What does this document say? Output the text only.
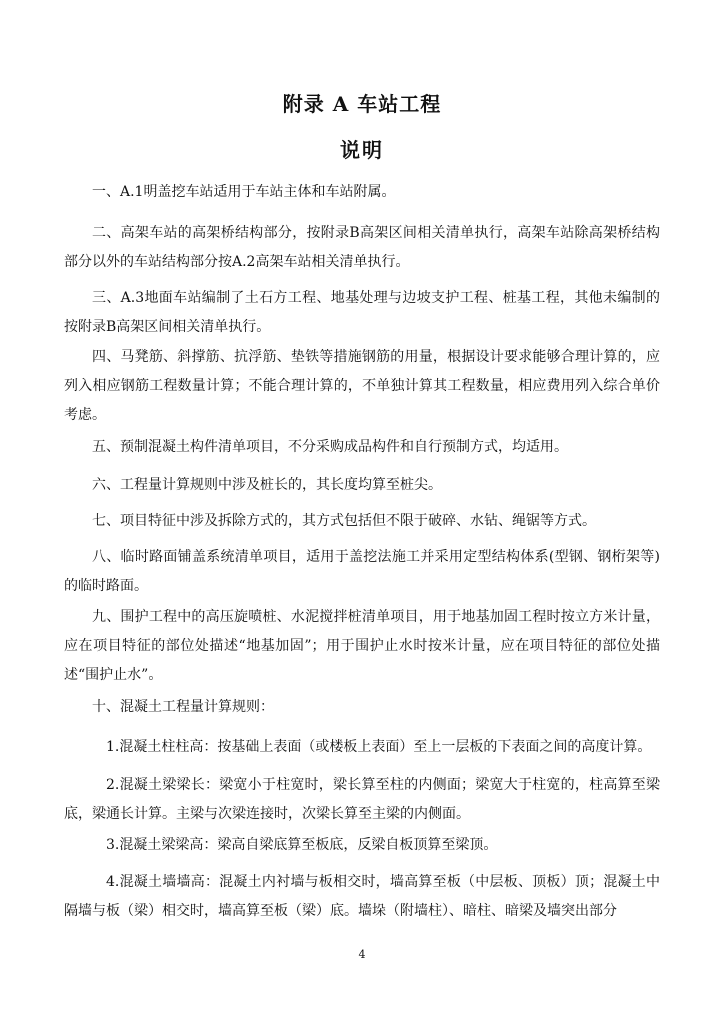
附录 A 车站工程
说明
一、A.1明盖挖车站适用于车站主体和车站附属。
二、高架车站的高架桥结构部分，按附录B高架区间相关清单执行，高架车站除高架桥结构部分以外的车站结构部分按A.2高架车站相关清单执行。
三、A.3地面车站编制了土石方工程、地基处理与边坡支护工程、桩基工程，其他未编制的按附录B高架区间相关清单执行。
四、马凳筋、斜撑筋、抗浮筋、垫铁等措施钢筋的用量，根据设计要求能够合理计算的，应列入相应钢筋工程数量计算；不能合理计算的，不单独计算其工程数量，相应费用列入综合单价考虑。
五、预制混凝土构件清单项目，不分采购成品构件和自行预制方式，均适用。
六、工程量计算规则中涉及桩长的，其长度均算至桩尖。
七、项目特征中涉及拆除方式的，其方式包括但不限于破碎、水钻、绳锯等方式。
八、临时路面铺盖系统清单项目，适用于盖挖法施工并采用定型结构体系(型钢、钢桁架等)的临时路面。
九、围护工程中的高压旋喷桩、水泥搅拌桩清单项目，用于地基加固工程时按立方米计量，应在项目特征的部位处描述“地基加固”；用于围护止水时按米计量，应在项目特征的部位处描述“围护止水”。
十、混凝土工程量计算规则：
1.混凝土柱柱高：按基础上表面（或楼板上表面）至上一层板的下表面之间的高度计算。
2.混凝土梁梁长：梁宽小于柱宽时，梁长算至柱的内侧面；梁宽大于柱宽的，柱高算至梁底，梁通长计算。主梁与次梁连接时，次梁长算至主梁的内侧面。
3.混凝土梁梁高：梁高自梁底算至板底，反梁自板顶算至梁顶。
4.混凝土墙墙高：混凝土内衬墙与板相交时，墙高算至板（中层板、顶板）顶；混凝土中隔墙与板（梁）相交时，墙高算至板（梁）底。墙垛（附墙柱）、暗柱、暗梁及墙突出部分
4
